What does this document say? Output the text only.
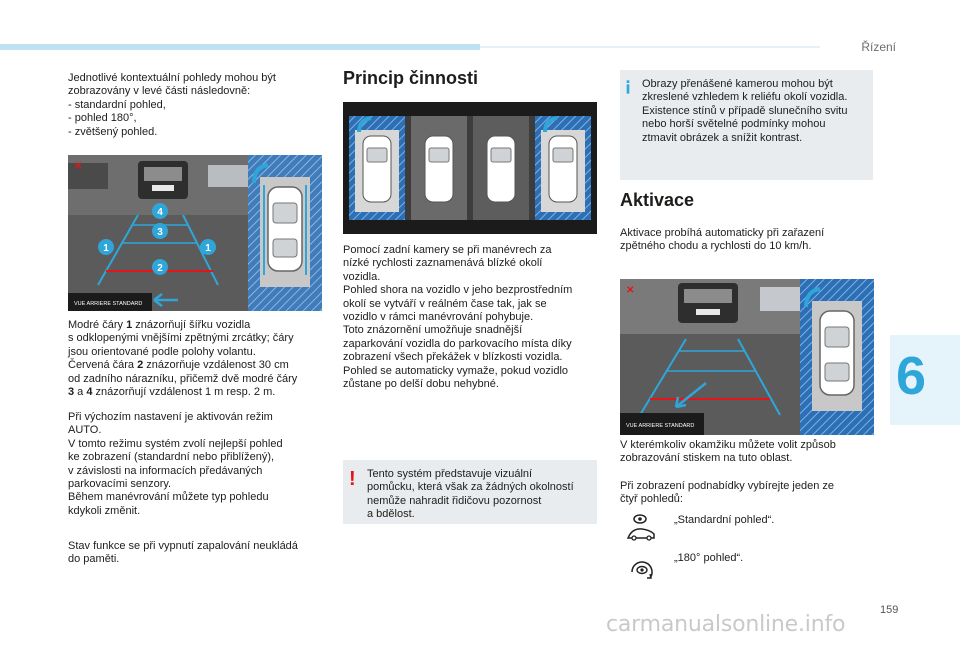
Řízení
6
159

Jednotlivé kontextuální pohledy mohou být

zobrazovány v levé části následovně:

- standardní pohled,

- pohled 180°,

- zvětšený pohled.

VUE ARRIERE STANDARD
✕
1	1
2
3
4

Modré čáry 1 znázorňují šířku vozidla

s odklopenými vnějšími zpětnými zrcátky; čáry

jsou orientované podle polohy volantu.

Červená čára 2 znázorňuje vzdálenost 30 cm

od zadního nárazníku, přičemž dvě modré čáry

3 a 4 znázorňují vzdálenost 1 m resp. 2 m.

Při výchozím nastavení je aktivován režim

AUTO.

V tomto režimu systém zvolí nejlepší pohled

ke zobrazení (standardní nebo přiblížený),

v závislosti na informacích předávaných

parkovacími senzory.

Během manévrování můžete typ pohledu

kdykoli změnit.

Stav funkce se při vypnutí zapalování neukládá

do paměti.

Princip činnosti

Pomocí zadní kamery se při manévrech za

nízké rychlosti zaznamenává blízké okolí

vozidla.

Pohled shora na vozidlo v jeho bezprostředním

okolí se vytváří v reálném čase tak, jak se

vozidlo v rámci manévrování pohybuje.

Toto znázornění umožňuje snadnější

zaparkování vozidla do parkovacího místa díky

zobrazení všech překážek v blízkosti vozidla.

Pohled se automaticky vymaže, pokud vozidlo

zůstane po delší dobu nehybné.

! Tento systém představuje vizuální

pomůcku, která však za žádných okolností

nemůže nahradit řidičovu pozornost

a bdělost.

Obrazy přenášené kamerou mohou být

zkreslené vzhledem k reliéfu okolí vozidla.

Existence stínů v případě slunečního svitu

nebo horší světelné podmínky mohou

ztmavit obrázek a snížit kontrast.

Aktivace

Aktivace probíhá automaticky při zařazení

zpětného chodu a rychlosti do 10 km/h.

VUE ARRIERE STANDARD
✕

V kterémkoliv okamžiku můžete volit způsob

zobrazování stiskem na tuto oblast.

Při zobrazení podnabídky vybírejte jeden ze

čtyř pohledů:

„Standardní pohled“.
„180° pohled“.
carmanualsonline.info
